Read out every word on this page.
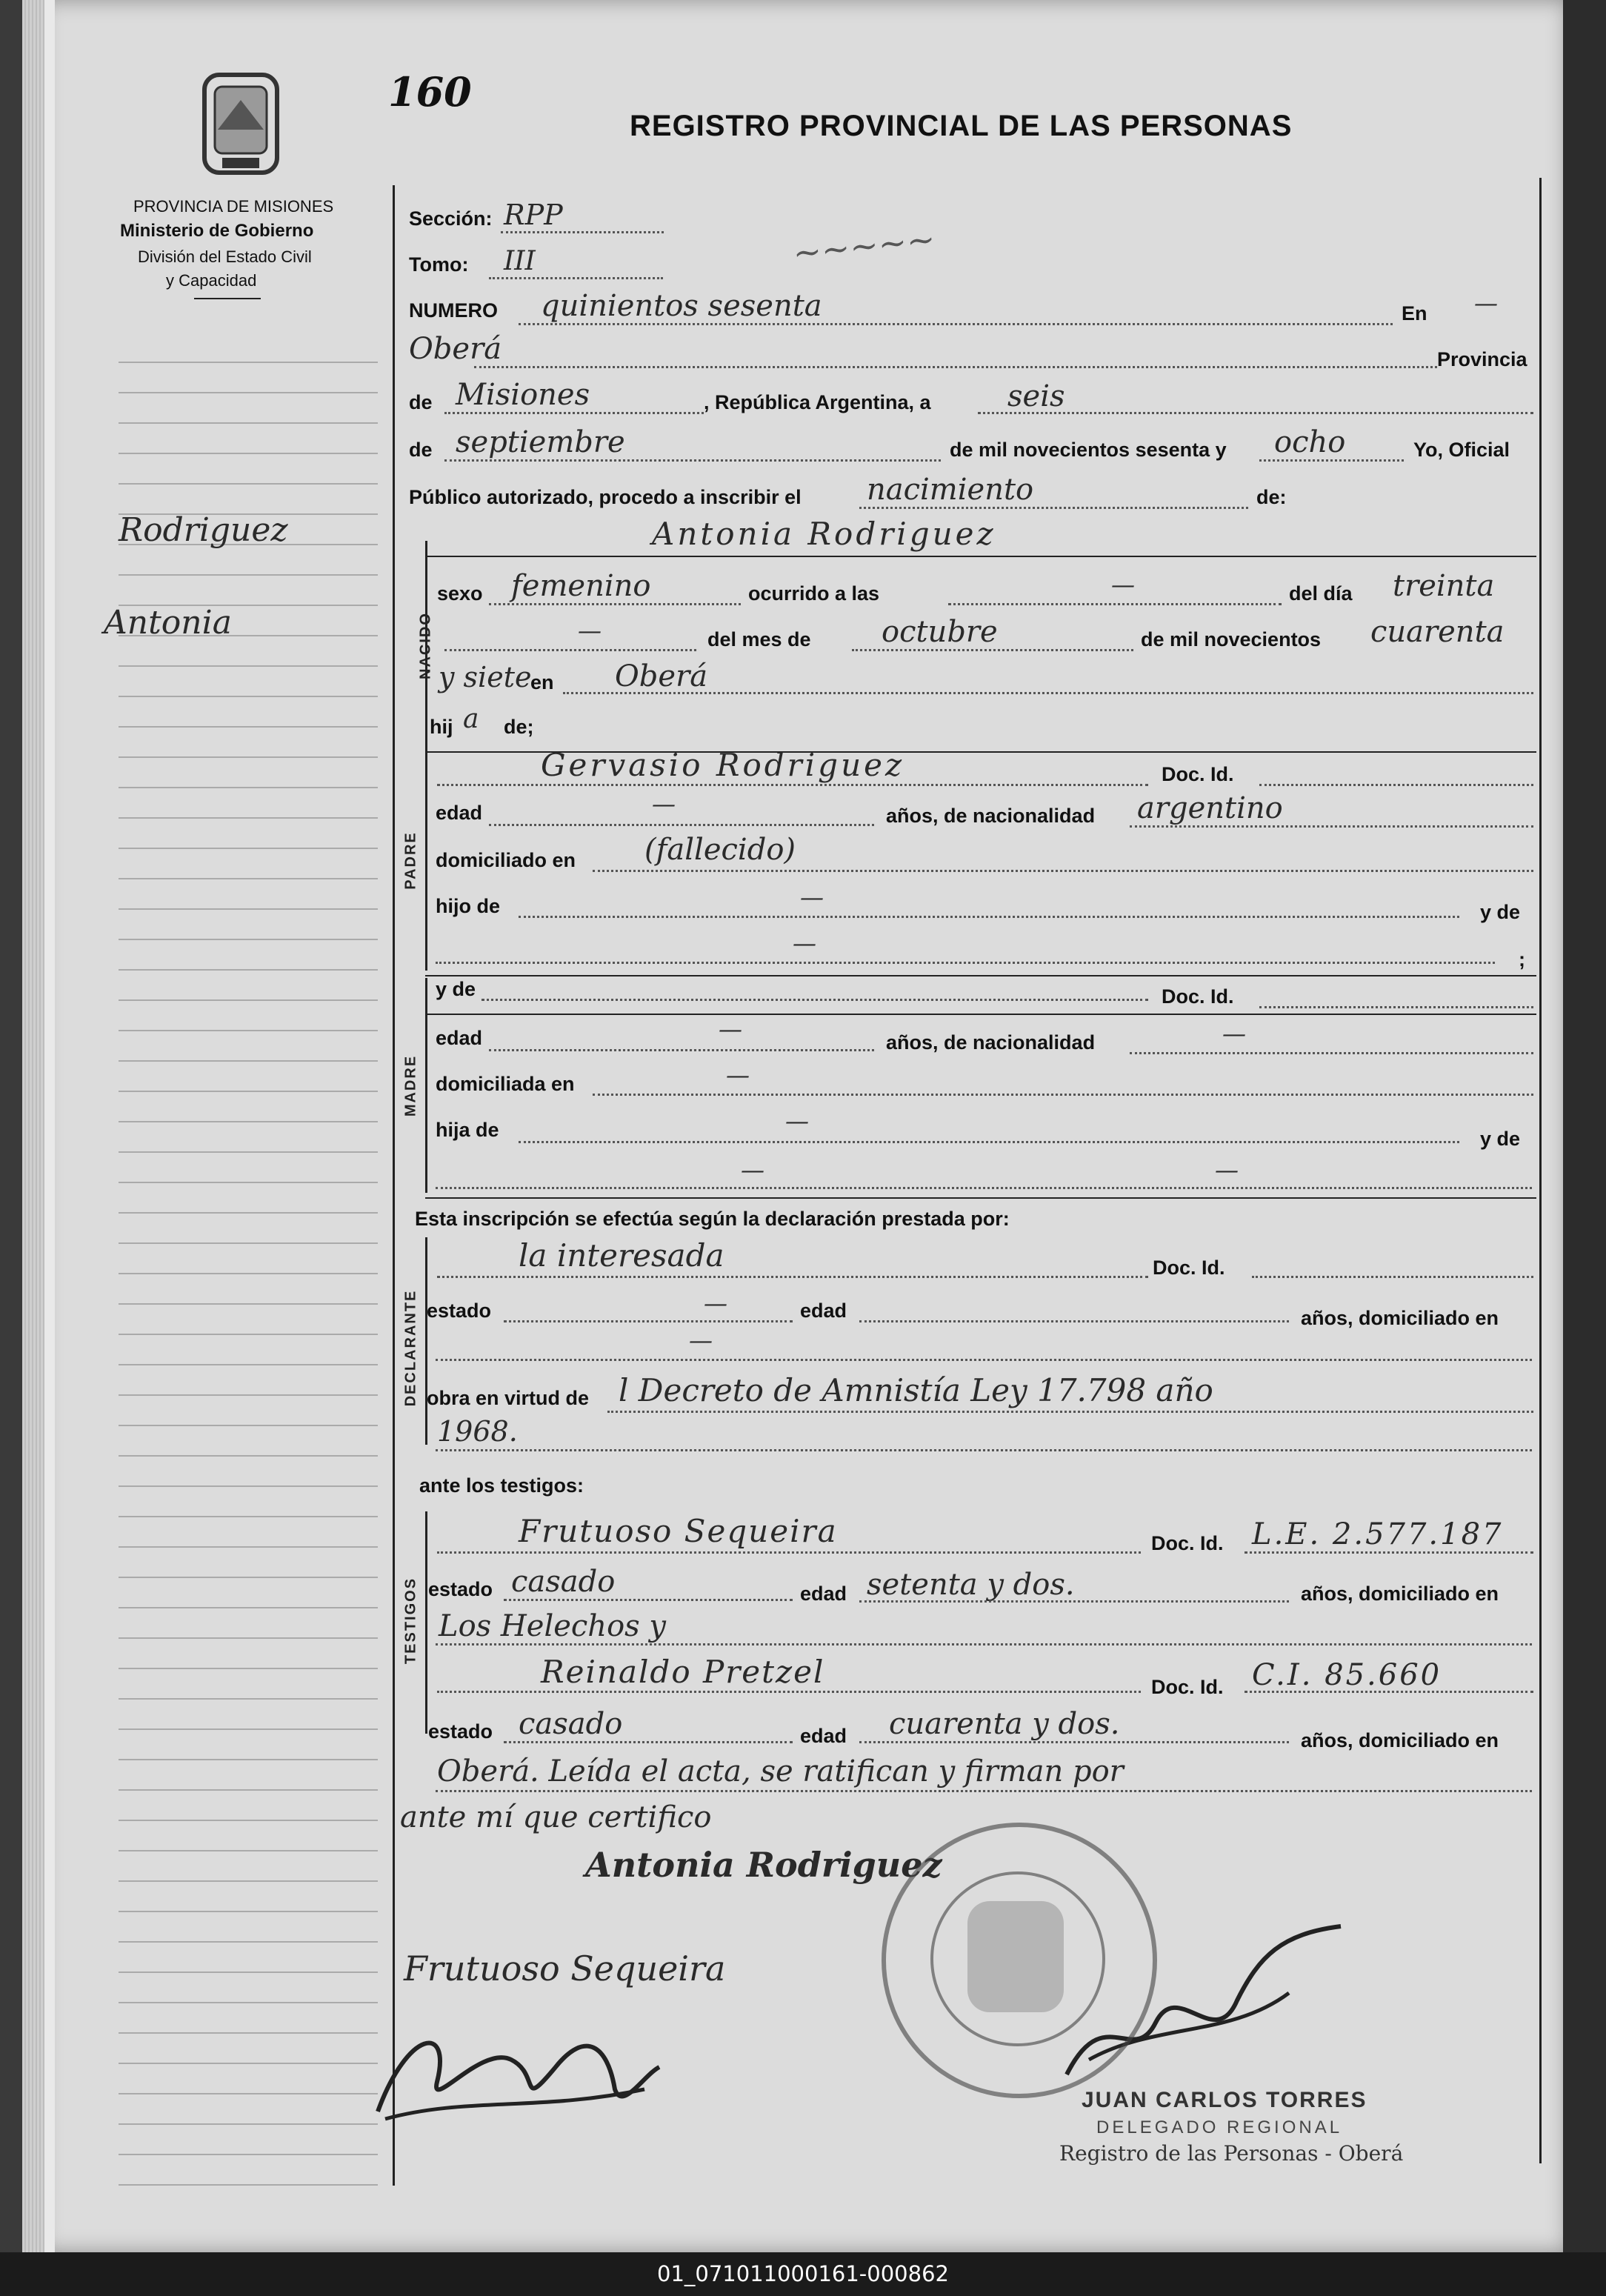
PROVINCIA DE MISIONES
Ministerio de Gobierno
División del Estado Civil
y Capacidad
160
REGISTRO PROVINCIAL DE LAS PERSONAS
Rodriguez
Antonia
Sección: RPP
Tomo: III	~~~~~
NUMERO quinientos sesenta	En —
Oberá	Provincia
de Misiones	, República Argentina, a	seis
de septiembre	de mil novecientos sesenta y ocho	Yo, Oficial
Público autorizado, procedo a inscribir el nacimiento	de:
NACIDO
Antonia Rodriguez
sexo femenino	ocurrido a las	—	del día treinta
—	del mes de octubre	de mil novecientos cuarenta
y siete
en Oberá
hij a de;
PADRE
Gervasio Rodriguez	Doc. Id.
edad	—	años, de nacionalidad argentino
domiciliado en (fallecido)
hijo de	—
y de
—
;
MADRE
y de	Doc. Id.
edad	—	años, de nacionalidad	—
domiciliada en	—
hija de	—
y de
—	—
Esta inscripción se efectúa según la declaración prestada por:
DECLARANTE
la interesada	Doc. Id.
estado	—	edad	años, domiciliado en
—
obra en virtud de l Decreto de Amnistía Ley 17.798 año
1968.
ante los testigos:
TESTIGOS
Frutuoso Sequeira	Doc. Id. L.E. 2.577.187
estado casado	edad setenta y dos.	años, domiciliado en
Los Helechos y
Reinaldo Pretzel	Doc. Id. C.I. 85.660
estado casado	edad cuarenta y dos.	años, domiciliado en
Oberá. Leída el acta, se ratifican y firman por
ante mí que certifico
Antonia Rodriguez
Frutuoso Sequeira
JUAN CARLOS TORRES
DELEGADO REGIONAL
Registro de las Personas - Oberá
01_071011000161-000862
